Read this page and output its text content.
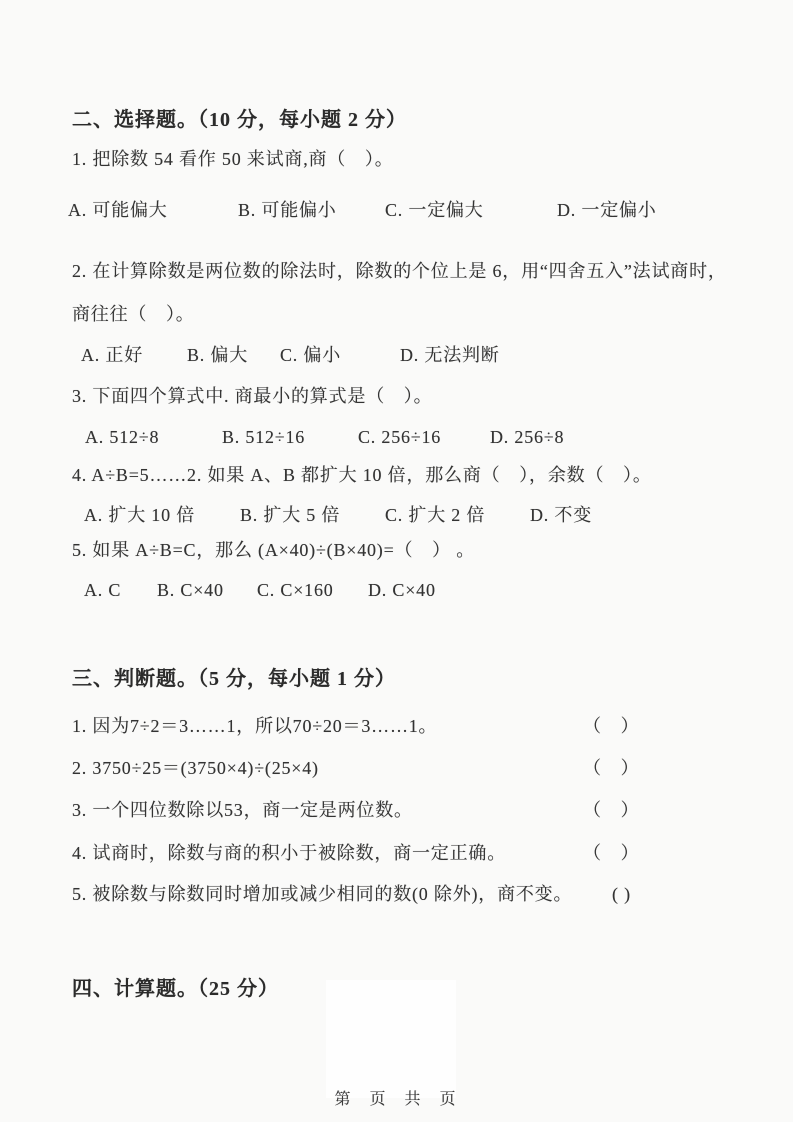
二、选择题。（10 分，每小题 2 分）
1. 把除数 54 看作 50 来试商,商（　）。
A. 可能偏大	B. 可能偏小	C. 一定偏大	D. 一定偏小
2. 在计算除数是两位数的除法时，除数的个位上是 6，用“四舍五入”法试商时，
商往往（　）。
A. 正好 B. 偏大 C. 偏小	D. 无法判断
3. 下面四个算式中. 商最小的算式是（　）。
A. 512÷8	B. 512÷16	C. 256÷16	D. 256÷8
4. A÷B=5……2. 如果 A、B 都扩大 10 倍，那么商（　），余数（　）。
A. 扩大 10 倍	B. 扩大 5 倍 C. 扩大 2 倍 D. 不变
5. 如果 A÷B=C，那么 (A×40)÷(B×40)=（　） 。
A. C B. C×40 C. C×160 D. C×40
三、判断题。（5 分，每小题 1 分）
1. 因为7÷2＝3……1，所以70÷20＝3……1。	（　）
2. 3750÷25＝(3750×4)÷(25×4)	（　）
3. 一个四位数除以53，商一定是两位数。	（　）
4. 试商时，除数与商的积小于被除数，商一定正确。	（　）
5. 被除数与除数同时增加或减少相同的数(0 除外)，商不变。 ( )
四、计算题。（25 分）
第 页 共 页
